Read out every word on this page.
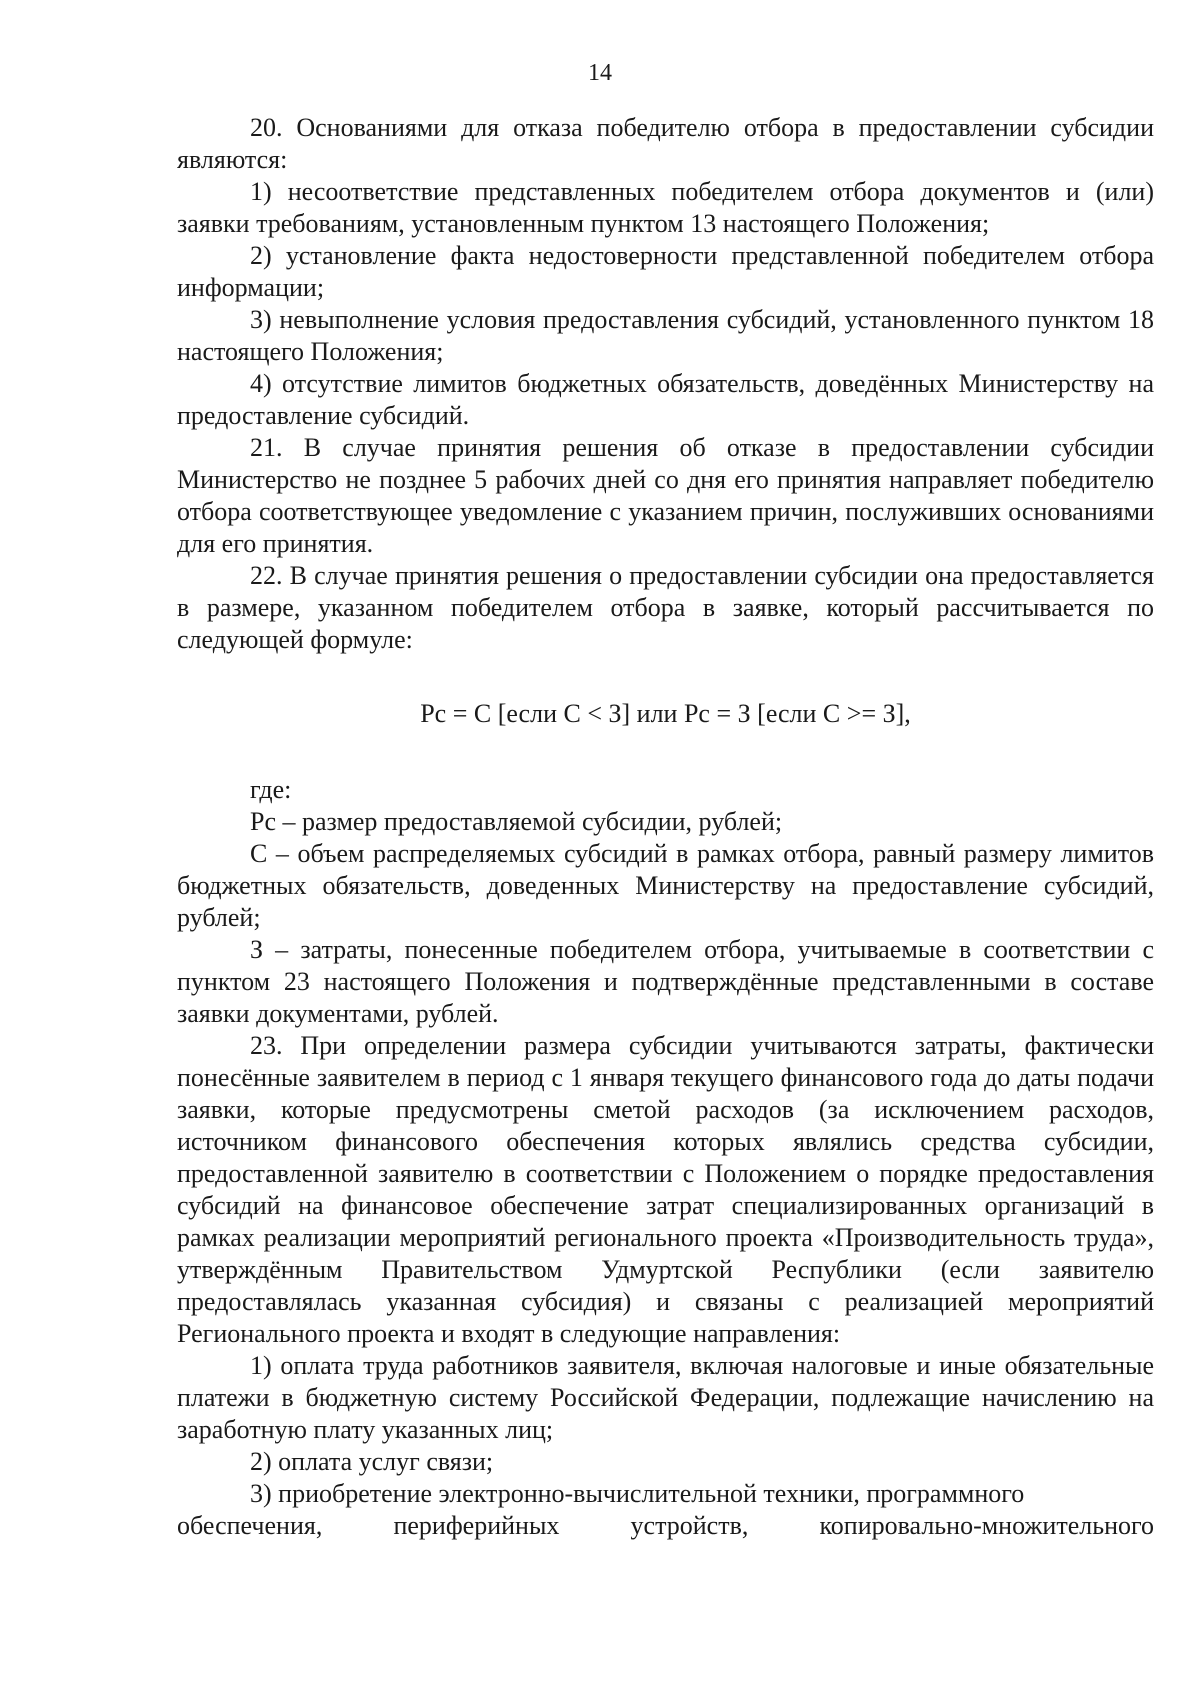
14

20. Основаниями для отказа победителю отбора в предоставлении субсидии являются:

1) несоответствие представленных победителем отбора документов и (или) заявки требованиям, установленным пунктом 13 настоящего Положения;

2) установление факта недостоверности представленной победителем отбора информации;

3) невыполнение условия предоставления субсидий, установленного пунктом 18 настоящего Положения;

4) отсутствие лимитов бюджетных обязательств, доведённых Министерству на предоставление субсидий.

21. В случае принятия решения об отказе в предоставлении субсидии Министерство не позднее 5 рабочих дней со дня его принятия направляет победителю отбора соответствующее уведомление с указанием причин, послуживших основаниями для его принятия.

22. В случае принятия решения о предоставлении субсидии она предоставляется в размере, указанном победителем отбора в заявке, который рассчитывается по следующей формуле:

Рс = С [если С < З] или Рс = З [если С >= З],

где:

Рс – размер предоставляемой субсидии, рублей;

С – объем распределяемых субсидий в рамках отбора, равный размеру лимитов бюджетных обязательств, доведенных Министерству на предоставление субсидий, рублей;

З – затраты, понесенные победителем отбора, учитываемые в соответствии с пунктом 23 настоящего Положения и подтверждённые представленными в составе заявки документами, рублей.

23. При определении размера субсидии учитываются затраты, фактически понесённые заявителем в период с 1 января текущего финансового года до даты подачи заявки, которые предусмотрены сметой расходов (за исключением расходов, источником финансового обеспечения которых являлись средства субсидии, предоставленной заявителю в соответствии с Положением о порядке предоставления субсидий на финансовое обеспечение затрат специализированных организаций в рамках реализации мероприятий регионального проекта «Производительность труда», утверждённым Правительством Удмуртской Республики (если заявителю предоставлялась указанная субсидия) и связаны с реализацией мероприятий Регионального проекта и входят в следующие направления:

1) оплата труда работников заявителя, включая налоговые и иные обязательные платежи в бюджетную систему Российской Федерации, подлежащие начислению на заработную плату указанных лиц;

2) оплата услуг связи;

3) приобретение электронно-вычислительной техники, программного

обеспечения,	периферийных	устройств,	копировально-множительного
